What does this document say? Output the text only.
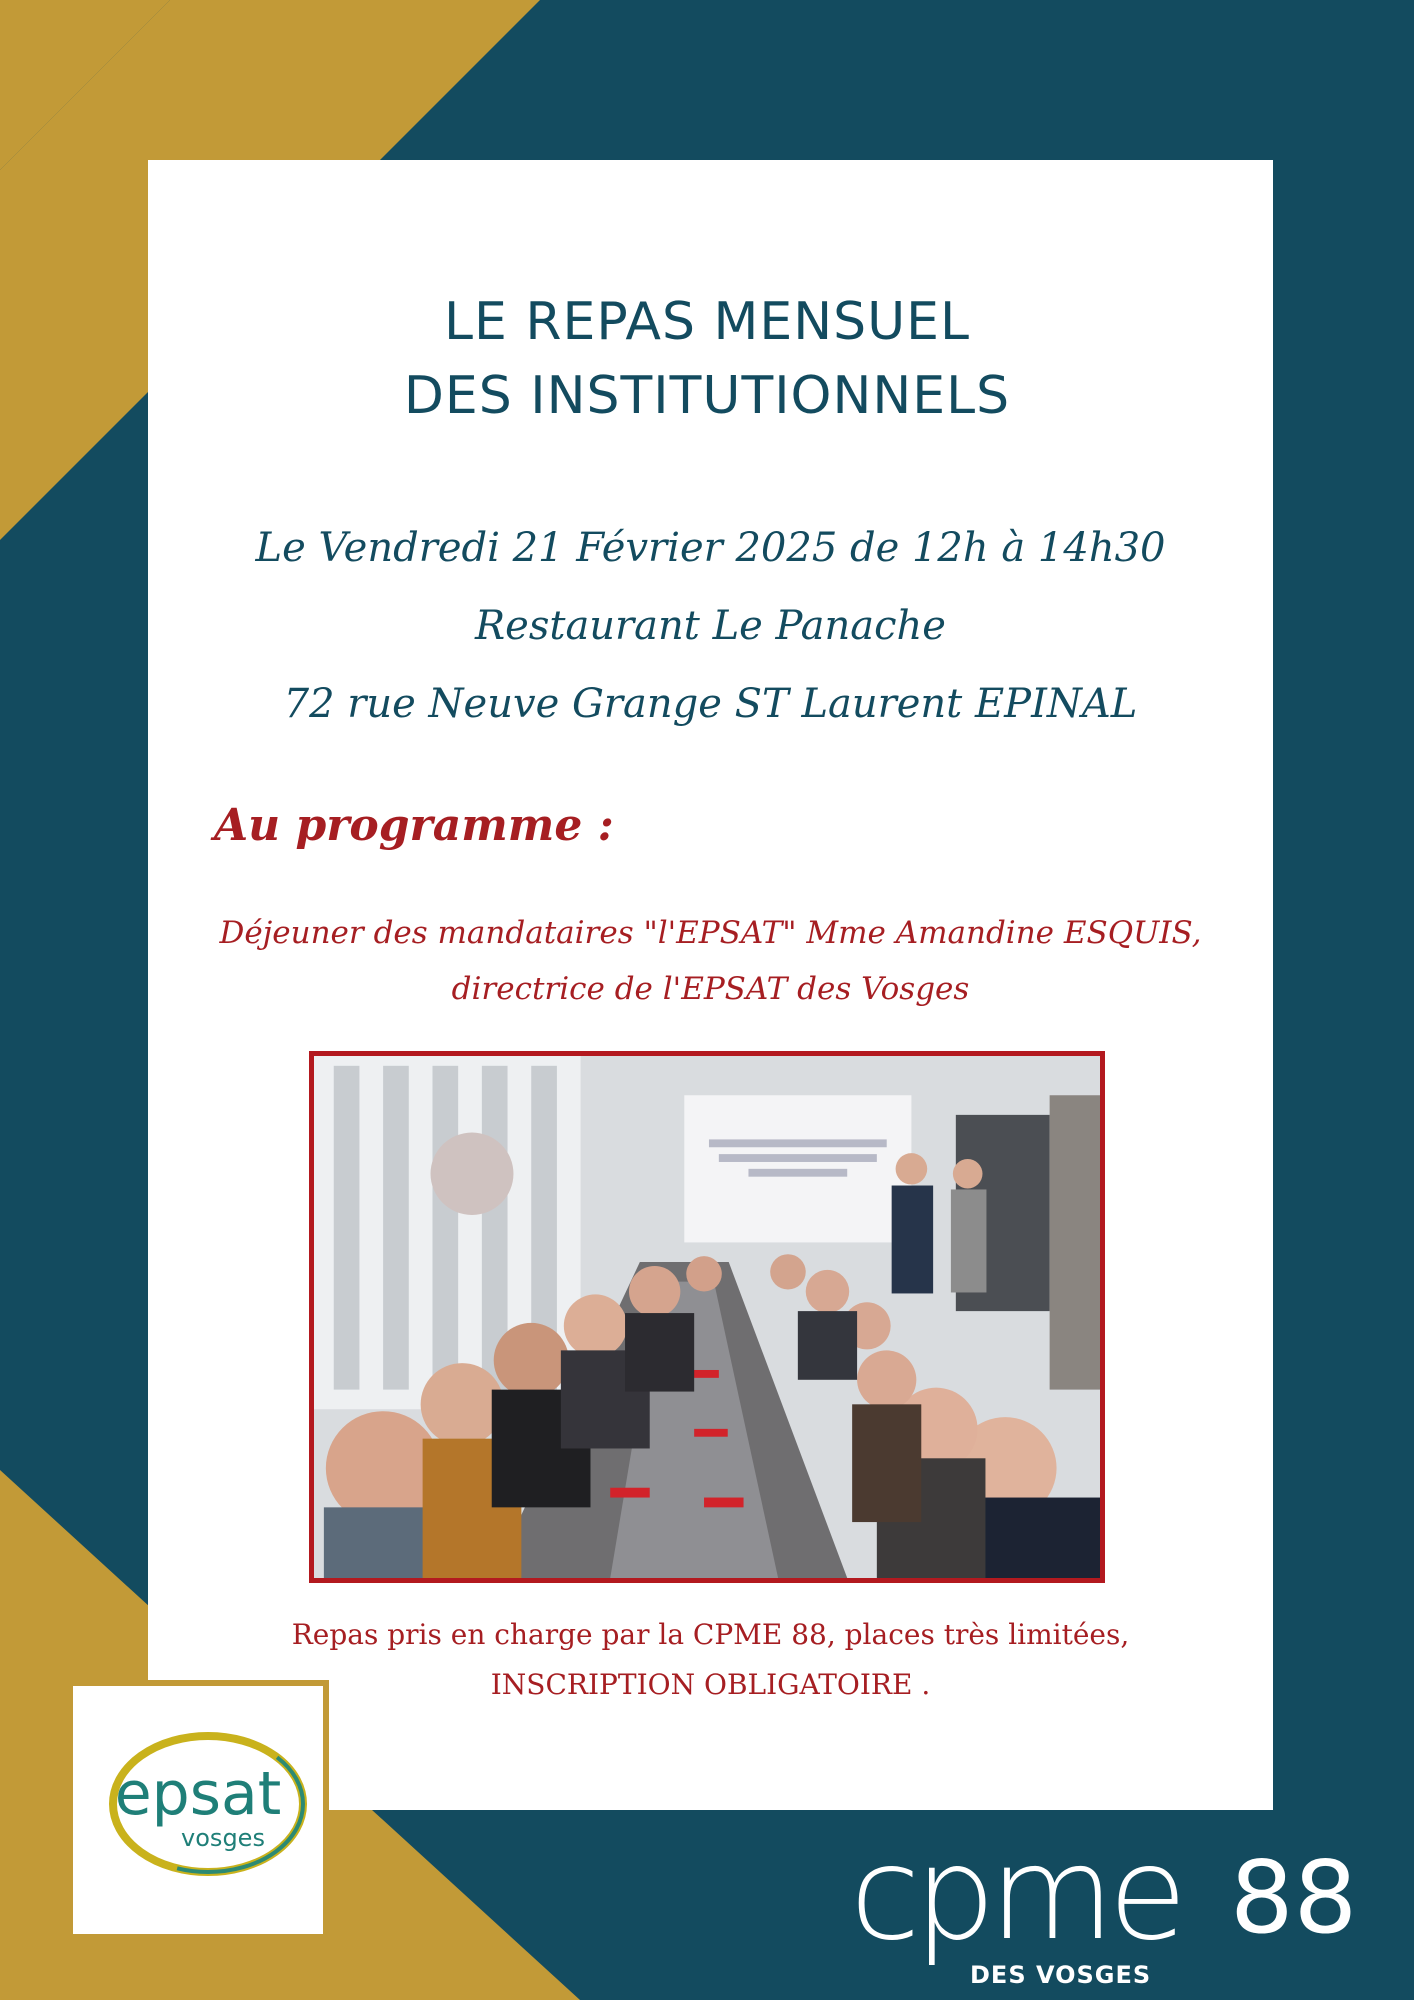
LE REPAS MENSUEL
DES INSTITUTIONNELS
Le Vendredi 21 Février 2025 de 12h à 14h30
Restaurant Le Panache
72 rue Neuve Grange ST Laurent EPINAL
Au programme :
Déjeuner des mandataires "l'EPSAT" Mme Amandine ESQUIS,
directrice de l'EPSAT des Vosges
Repas pris en charge par la CPME 88, places très limitées,
INSCRIPTION OBLIGATOIRE .
epsat
vosges	cpme 88
DES VOSGES
